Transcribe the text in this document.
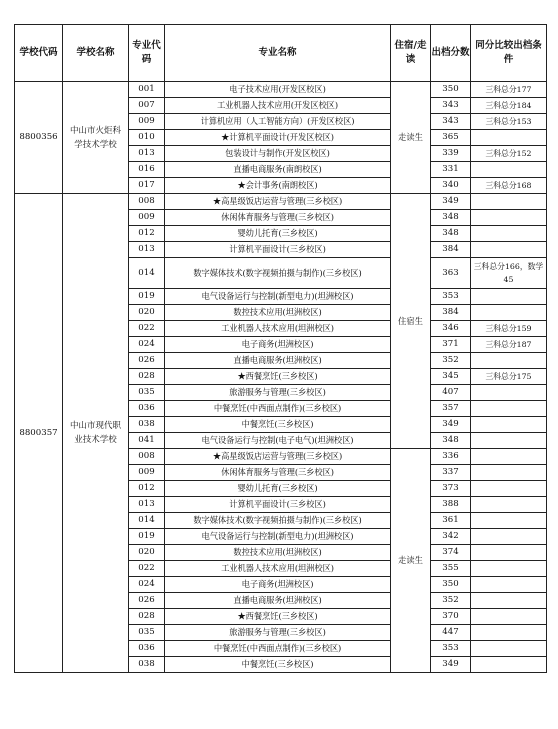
学校代码	学校名称	专业代码	专业名称	住宿/走读	出档分数	同分比较出档条件
8800356	中山市火炬科学技术学校	001	电子技术应用(开发区校区)	走读生	350	三科总分177
		007	工业机器人技术应用(开发区校区)		343	三科总分184
		009	计算机应用（人工智能方向）(开发区校区)		343	三科总分153
		010	★计算机平面设计(开发区校区)		365	
		013	包装设计与制作(开发区校区)		339	三科总分152
		016	直播电商服务(南朗校区)		331	
		017	★会计事务(南朗校区)		340	三科总分168
8800357	中山市现代职业技术学校	008	★高星级饭店运营与管理(三乡校区)	住宿生	349	
		009	休闲体育服务与管理(三乡校区)		348	
		012	婴幼儿托育(三乡校区)		348	
		013	计算机平面设计(三乡校区)		384	
		014	数字媒体技术(数字视频拍摄与制作)(三乡校区)		363	三科总分166，数学45
		019	电气设备运行与控制(新型电力)(坦洲校区)		353	
		020	数控技术应用(坦洲校区)		384	
		022	工业机器人技术应用(坦洲校区)		346	三科总分159
		024	电子商务(坦洲校区)		371	三科总分187
		026	直播电商服务(坦洲校区)		352	
		028	★西餐烹饪(三乡校区)		345	三科总分175
		035	旅游服务与管理(三乡校区)		407	
		036	中餐烹饪(中西面点制作)(三乡校区)		357	
		038	中餐烹饪(三乡校区)		349	
		041	电气设备运行与控制(电子电气)(坦洲校区)		348	
		008	★高星级饭店运营与管理(三乡校区)	走读生	336	
		009	休闲体育服务与管理(三乡校区)		337	
		012	婴幼儿托育(三乡校区)		373	
		013	计算机平面设计(三乡校区)		388	
		014	数字媒体技术(数字视频拍摄与制作)(三乡校区)		361	
		019	电气设备运行与控制(新型电力)(坦洲校区)		342	
		020	数控技术应用(坦洲校区)		374	
		022	工业机器人技术应用(坦洲校区)		355	
		024	电子商务(坦洲校区)		350	
		026	直播电商服务(坦洲校区)		352	
		028	★西餐烹饪(三乡校区)		370	
		035	旅游服务与管理(三乡校区)		447	
		036	中餐烹饪(中西面点制作)(三乡校区)		353	
		038	中餐烹饪(三乡校区)		349	
